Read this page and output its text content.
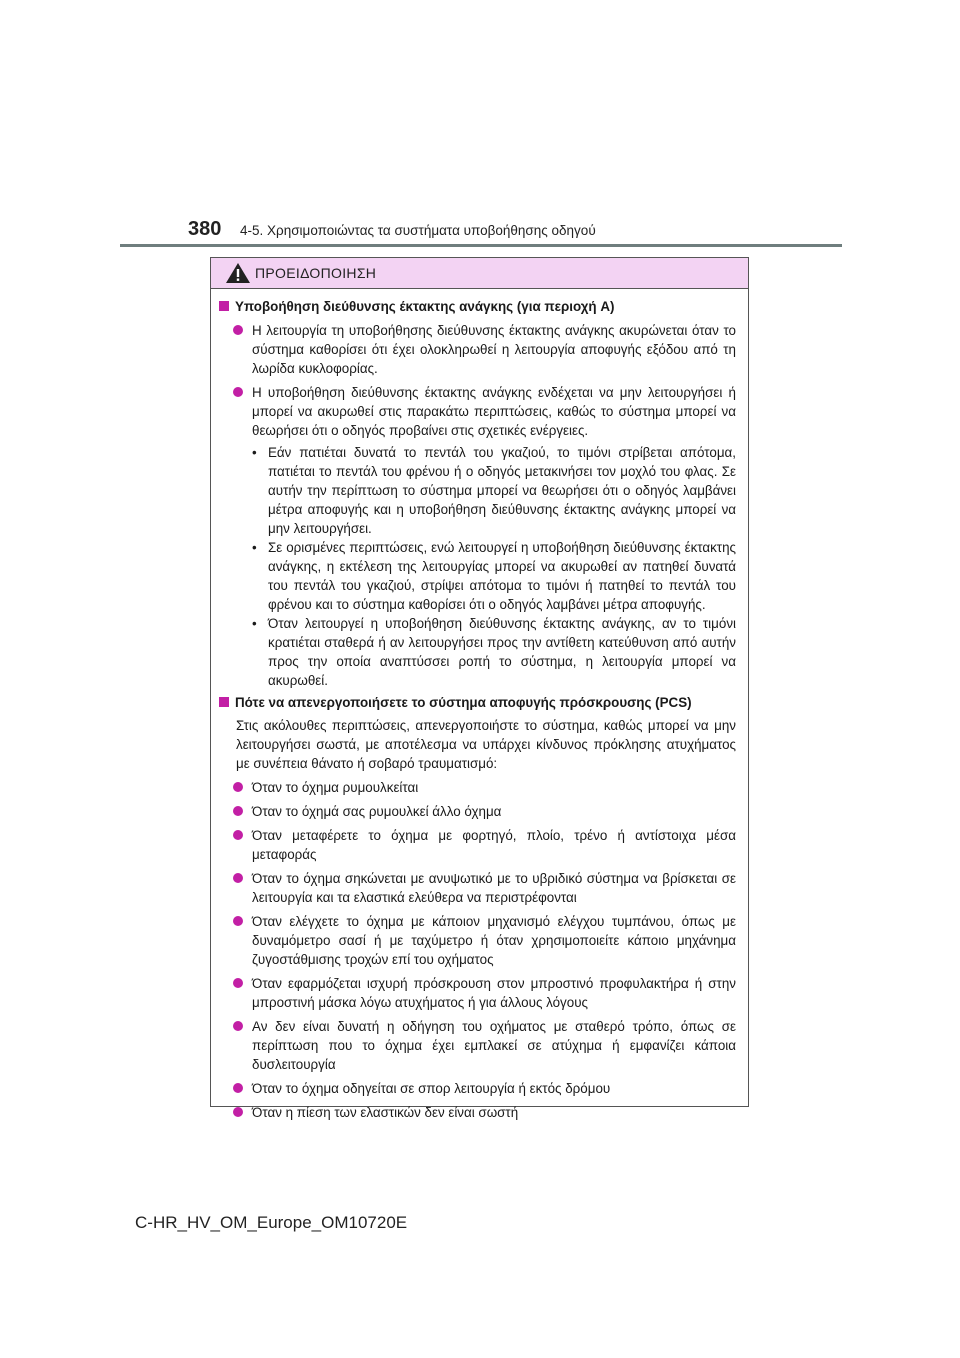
380 4-5. Χρησιμοποιώντας τα συστήματα υποβοήθησης οδηγού
ΠΡΟΕΙΔΟΠΟΙΗΣΗ
Υποβοήθηση διεύθυνσης έκτακτης ανάγκης (για περιοχή A)
Η λειτουργία τη υποβοήθησης διεύθυνσης έκτακτης ανάγκης ακυρώνεται όταν το σύστημα καθορίσει ότι έχει ολοκληρωθεί η λειτουργία αποφυγής εξόδου από τη λωρίδα κυκλοφορίας.
Η υποβοήθηση διεύθυνσης έκτακτης ανάγκης ενδέχεται να μην λειτουργήσει ή μπορεί να ακυρωθεί στις παρακάτω περιπτώσεις, καθώς το σύστημα μπορεί να θεωρήσει ότι ο οδηγός προβαίνει στις σχετικές ενέργειες.
• Εάν πατιέται δυνατά το πεντάλ του γκαζιού, το τιμόνι στρίβεται απότομα, πατιέται το πεντάλ του φρένου ή ο οδηγός μετακινήσει τον μοχλό του φλας. Σε αυτήν την περίπτωση το σύστημα μπορεί να θεωρήσει ότι ο οδηγός λαμβάνει μέτρα αποφυγής και η υποβοήθηση διεύθυνσης έκτακτης ανάγκης μπορεί να μην λειτουργήσει.
• Σε ορισμένες περιπτώσεις, ενώ λειτουργεί η υποβοήθηση διεύθυνσης έκτακτης ανάγκης, η εκτέλεση της λειτουργίας μπορεί να ακυρωθεί αν πατηθεί δυνατά του πεντάλ του γκαζιού, στρίψει απότομα το τιμόνι ή πατηθεί το πεντάλ του φρένου και το σύστημα καθορίσει ότι ο οδηγός λαμβάνει μέτρα αποφυγής.
• Όταν λειτουργεί η υποβοήθηση διεύθυνσης έκτακτης ανάγκης, αν το τιμόνι κρατιέται σταθερά ή αν λειτουργήσει προς την αντίθετη κατεύθυνση από αυτήν προς την οποία αναπτύσσει ροπή το σύστημα, η λειτουργία μπορεί να ακυρωθεί.
Πότε να απενεργοποιήσετε το σύστημα αποφυγής πρόσκρουσης (PCS)
Στις ακόλουθες περιπτώσεις, απενεργοποιήστε το σύστημα, καθώς μπορεί να μην λειτουργήσει σωστά, με αποτέλεσμα να υπάρχει κίνδυνος πρόκλησης ατυχήματος με συνέπεια θάνατο ή σοβαρό τραυματισμό:
Όταν το όχημα ρυμουλκείται
Όταν το όχημά σας ρυμουλκεί άλλο όχημα
Όταν μεταφέρετε το όχημα με φορτηγό, πλοίο, τρένο ή αντίστοιχα μέσα μεταφοράς
Όταν το όχημα σηκώνεται με ανυψωτικό με το υβριδικό σύστημα να βρίσκεται σε λειτουργία και τα ελαστικά ελεύθερα να περιστρέφονται
Όταν ελέγχετε το όχημα με κάποιον μηχανισμό ελέγχου τυμπάνου, όπως με δυναμόμετρο σασί ή με ταχύμετρο ή όταν χρησιμοποιείτε κάποιο μηχάνημα ζυγοστάθμισης τροχών επί του οχήματος
Όταν εφαρμόζεται ισχυρή πρόσκρουση στον μπροστινό προφυλακτήρα ή στην μπροστινή μάσκα λόγω ατυχήματος ή για άλλους λόγους
Αν δεν είναι δυνατή η οδήγηση του οχήματος με σταθερό τρόπο, όπως σε περίπτωση που το όχημα έχει εμπλακεί σε ατύχημα ή εμφανίζει κάποια δυσλειτουργία
Όταν το όχημα οδηγείται σε σπορ λειτουργία ή εκτός δρόμου
Όταν η πίεση των ελαστικών δεν είναι σωστή
C-HR_HV_OM_Europe_OM10720E
